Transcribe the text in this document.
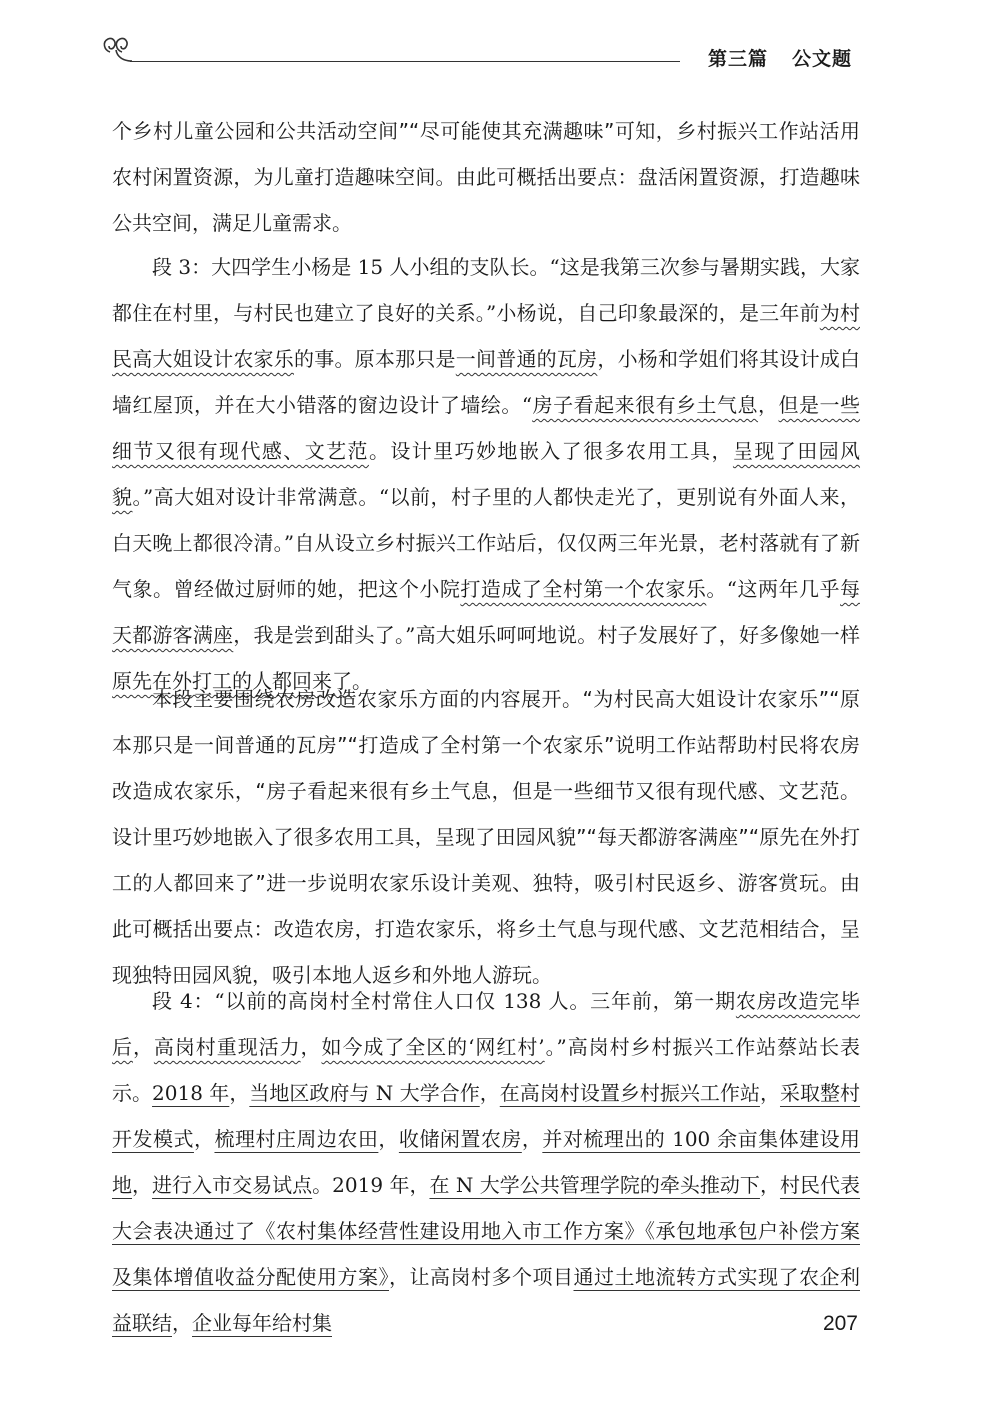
第三篇 公文题
个乡村儿童公园和公共活动空间”“尽可能使其充满趣味”可知，乡村振兴工作站活用农村闲置资源，为儿童打造趣味空间。由此可概括出要点：盘活闲置资源，打造趣味公共空间，满足儿童需求。
段 3：大四学生小杨是 15 人小组的支队长。“这是我第三次参与暑期实践，大家都住在村里，与村民也建立了良好的关系。”小杨说，自己印象最深的，是三年前为村民高大姐设计农家乐的事。原本那只是一间普通的瓦房，小杨和学姐们将其设计成白墙红屋顶，并在大小错落的窗边设计了墙绘。“房子看起来很有乡土气息，但是一些细节又很有现代感、文艺范。设计里巧妙地嵌入了很多农用工具，呈现了田园风貌。”高大姐对设计非常满意。“以前，村子里的人都快走光了，更别说有外面人来，白天晚上都很冷清。”自从设立乡村振兴工作站后，仅仅两三年光景，老村落就有了新气象。曾经做过厨师的她，把这个小院打造成了全村第一个农家乐。“这两年几乎每天都游客满座，我是尝到甜头了。”高大姐乐呵呵地说。村子发展好了，好多像她一样原先在外打工的人都回来了。
本段主要围绕农房改造农家乐方面的内容展开。“为村民高大姐设计农家乐”“原本那只是一间普通的瓦房”“打造成了全村第一个农家乐”说明工作站帮助村民将农房改造成农家乐，“房子看起来很有乡土气息，但是一些细节又很有现代感、文艺范。设计里巧妙地嵌入了很多农用工具，呈现了田园风貌”“每天都游客满座”“原先在外打工的人都回来了”进一步说明农家乐设计美观、独特，吸引村民返乡、游客赏玩。由此可概括出要点：改造农房，打造农家乐，将乡土气息与现代感、文艺范相结合，呈现独特田园风貌，吸引本地人返乡和外地人游玩。
段 4：“以前的高岗村全村常住人口仅 138 人。三年前，第一期农房改造完毕后，高岗村重现活力，如今成了全区的‘网红村’。”高岗村乡村振兴工作站蔡站长表示。2018 年，当地区政府与 N 大学合作，在高岗村设置乡村振兴工作站，采取整村开发模式，梳理村庄周边农田，收储闲置农房，并对梳理出的 100 余亩集体建设用地，进行入市交易试点。2019 年，在 N 大学公共管理学院的牵头推动下，村民代表大会表决通过了《农村集体经营性建设用地入市工作方案》《承包地承包户补偿方案及集体增值收益分配使用方案》，让高岗村多个项目通过土地流转方式实现了农企利益联结，企业每年给村集	207
